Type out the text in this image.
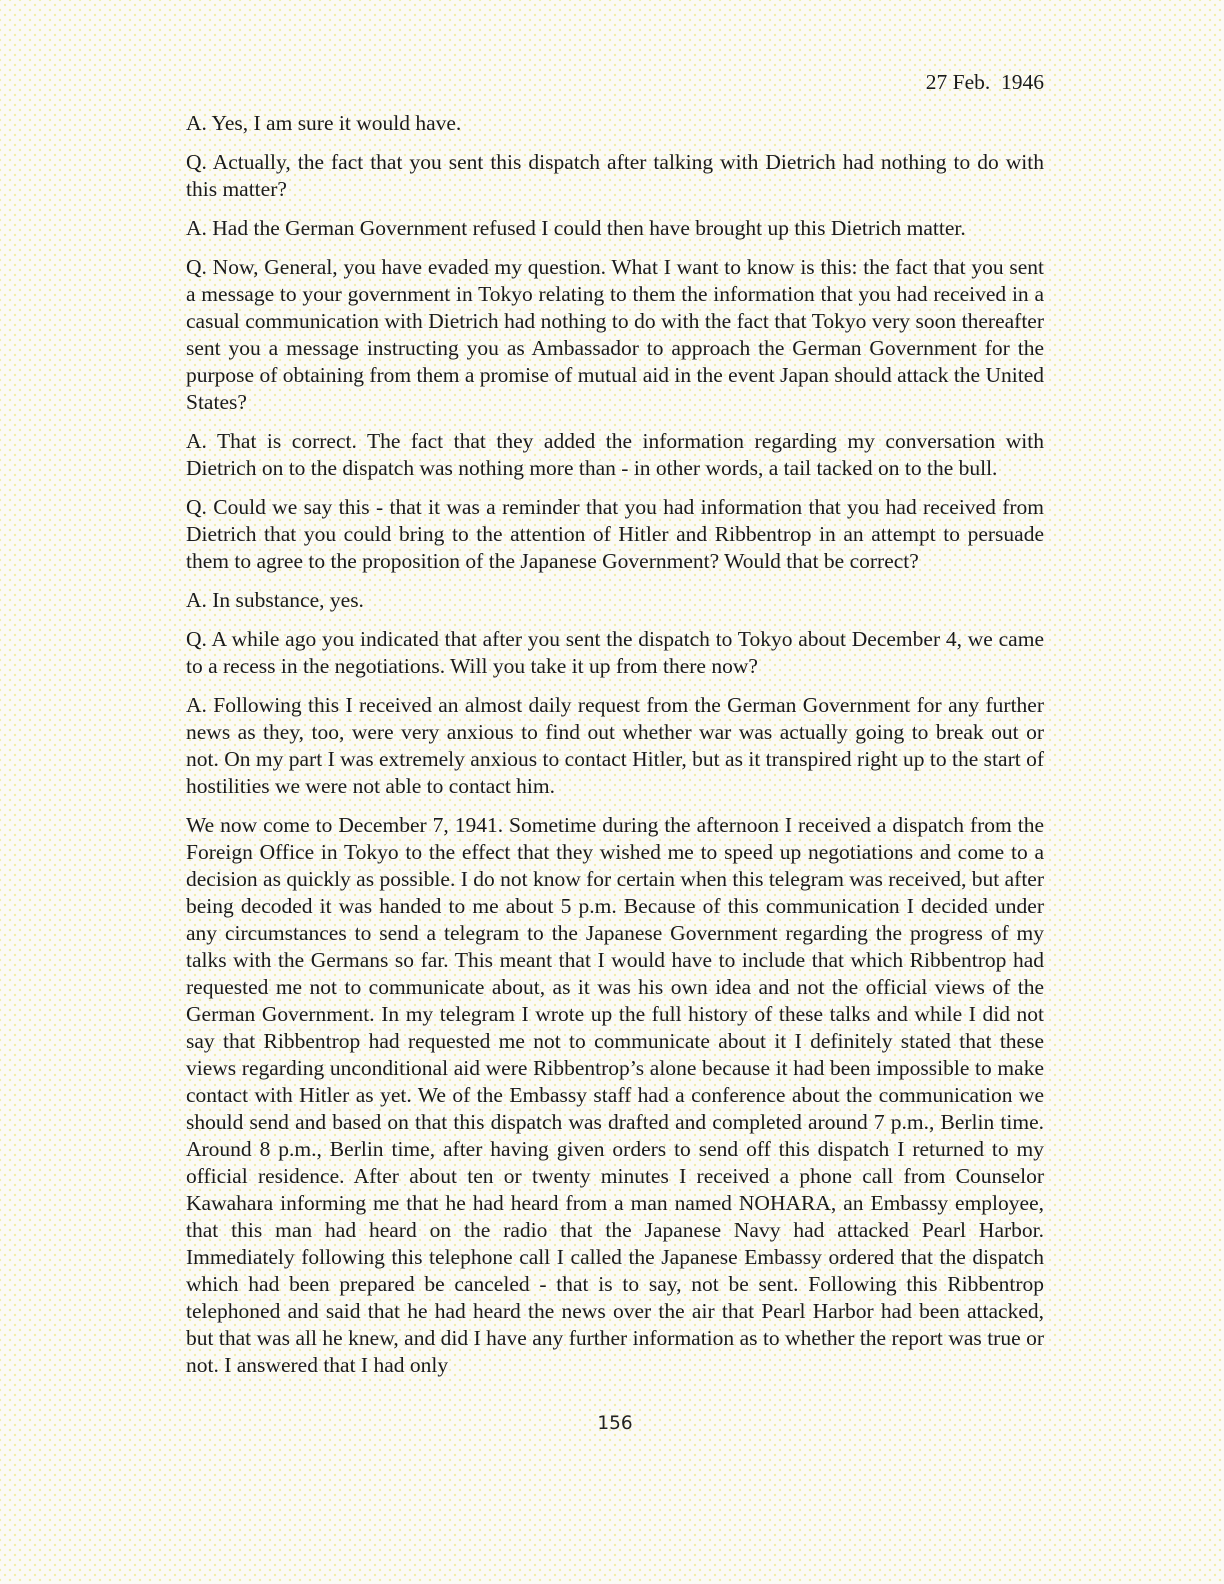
27 Feb.  1946

A. Yes, I am sure it would have.

Q. Actually, the fact that you sent this dispatch after talking with Dietrich had nothing to do with this matter?

A. Had the German Government refused I could then have brought up this Dietrich matter.

Q. Now, General, you have evaded my question. What I want to know is this: the fact that you sent a message to your government in Tokyo relating to them the information that you had received in a casual communication with Dietrich had nothing to do with the fact that Tokyo very soon thereafter sent you a message instructing you as Ambassador to approach the German Government for the purpose of obtaining from them a promise of mutual aid in the event Japan should attack the United States?

A. That is correct. The fact that they added the information regarding my conversation with Dietrich on to the dispatch was nothing more than - in other words, a tail tacked on to the bull.

Q. Could we say this - that it was a reminder that you had information that you had received from Dietrich that you could bring to the attention of Hitler and Ribbentrop in an attempt to persuade them to agree to the proposition of the Japanese Government? Would that be correct?

A. In substance, yes.

Q. A while ago you indicated that after you sent the dispatch to Tokyo about December 4, we came to a recess in the negotiations. Will you take it up from there now?

A. Following this I received an almost daily request from the German Government for any further news as they, too, were very anxious to find out whether war was actually going to break out or not. On my part I was extremely anxious to contact Hitler, but as it transpired right up to the start of hostilities we were not able to contact him.

We now come to December 7, 1941. Sometime during the afternoon I received a dispatch from the Foreign Office in Tokyo to the effect that they wished me to speed up negotiations and come to a decision as quickly as possible. I do not know for certain when this telegram was received, but after being decoded it was handed to me about 5 p.m. Because of this communication I decided under any circumstances to send a telegram to the Japanese Government regarding the progress of my talks with the Germans so far. This meant that I would have to include that which Ribbentrop had requested me not to communicate about, as it was his own idea and not the official views of the German Government. In my telegram I wrote up the full history of these talks and while I did not say that Ribbentrop had requested me not to communicate about it I definitely stated that these views regarding unconditional aid were Ribbentrop’s alone because it had been impossible to make contact with Hitler as yet. We of the Embassy staff had a conference about the communication we should send and based on that this dispatch was drafted and completed around 7 p.m., Berlin time. Around 8 p.m., Berlin time, after having given orders to send off this dispatch I returned to my official residence. After about ten or twenty minutes I received a phone call from Counselor Kawahara informing me that he had heard from a man named NOHARA, an Embassy employee, that this man had heard on the radio that the Japanese Navy had attacked Pearl Harbor. Immediately following this telephone call I called the Japanese Embassy ordered that the dispatch which had been prepared be canceled - that is to say, not be sent. Following this Ribbentrop telephoned and said that he had heard the news over the air that Pearl Harbor had been attacked, but that was all he knew, and did I have any further information as to whether the report was true or not. I answered that I had only

156
